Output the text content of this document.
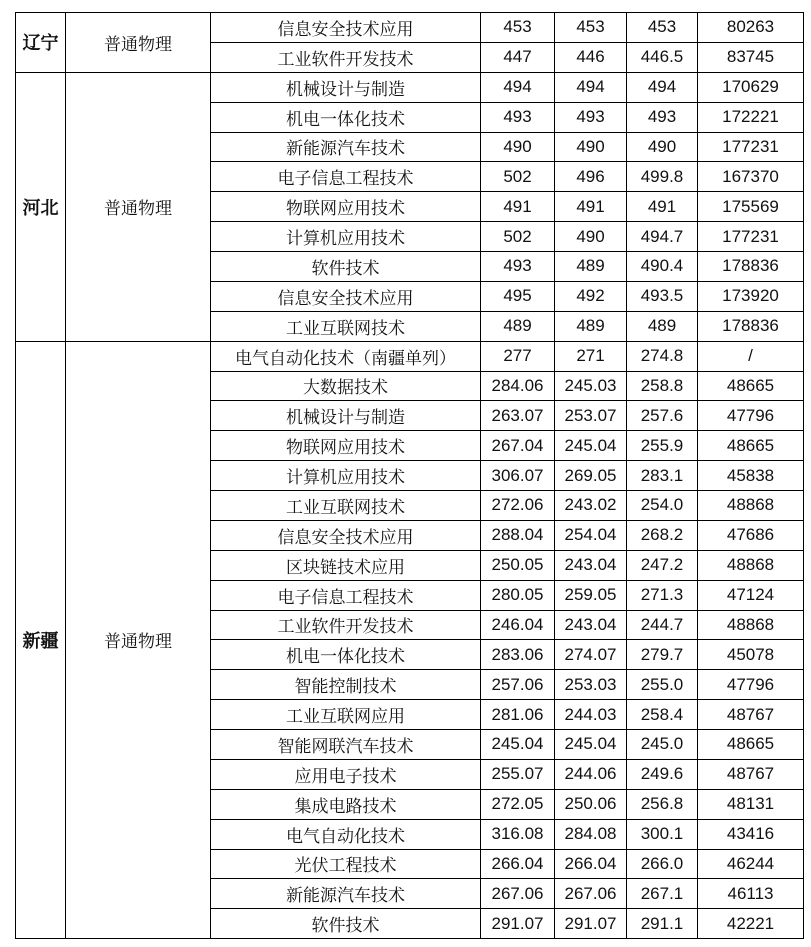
辽宁	普通物理	信息安全技术应用	453	453	453	80263
		工业软件开发技术	447	446	446.5	83745
河北	普通物理	机械设计与制造	494	494	494	170629
		机电一体化技术	493	493	493	172221
		新能源汽车技术	490	490	490	177231
		电子信息工程技术	502	496	499.8	167370
		物联网应用技术	491	491	491	175569
		计算机应用技术	502	490	494.7	177231
		软件技术	493	489	490.4	178836
		信息安全技术应用	495	492	493.5	173920
		工业互联网技术	489	489	489	178836
新疆	普通物理	电气自动化技术（南疆单列）	277	271	274.8	/
		大数据技术	284.06	245.03	258.8	48665
		机械设计与制造	263.07	253.07	257.6	47796
		物联网应用技术	267.04	245.04	255.9	48665
		计算机应用技术	306.07	269.05	283.1	45838
		工业互联网技术	272.06	243.02	254.0	48868
		信息安全技术应用	288.04	254.04	268.2	47686
		区块链技术应用	250.05	243.04	247.2	48868
		电子信息工程技术	280.05	259.05	271.3	47124
		工业软件开发技术	246.04	243.04	244.7	48868
		机电一体化技术	283.06	274.07	279.7	45078
		智能控制技术	257.06	253.03	255.0	47796
		工业互联网应用	281.06	244.03	258.4	48767
		智能网联汽车技术	245.04	245.04	245.0	48665
		应用电子技术	255.07	244.06	249.6	48767
		集成电路技术	272.05	250.06	256.8	48131
		电气自动化技术	316.08	284.08	300.1	43416
		光伏工程技术	266.04	266.04	266.0	46244
		新能源汽车技术	267.06	267.06	267.1	46113
		软件技术	291.07	291.07	291.1	42221
